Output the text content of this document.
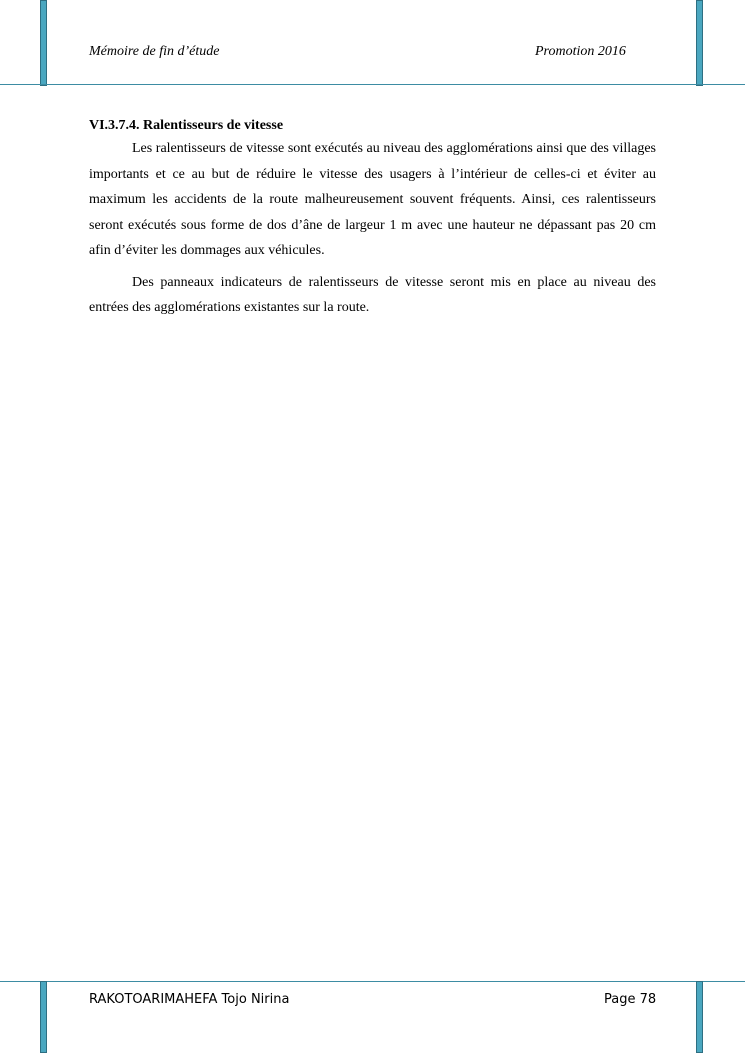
Mémoire de fin d’étude	Promotion 2016

VI.3.7.4. Ralentisseurs de vitesse

Les ralentisseurs de vitesse sont exécutés au niveau des agglomérations ainsi que des villages importants et ce au but de réduire le vitesse des usagers à l’intérieur de celles-ci et éviter au maximum les accidents de la route malheureusement souvent fréquents. Ainsi, ces ralentisseurs seront exécutés sous forme de dos d’âne de largeur 1 m avec une hauteur ne dépassant pas 20 cm afin d’éviter les dommages aux véhicules.

Des panneaux indicateurs de ralentisseurs de vitesse seront mis en place au niveau des entrées des agglomérations existantes sur la route.

RAKOTOARIMAHEFA Tojo Nirina	Page 78
